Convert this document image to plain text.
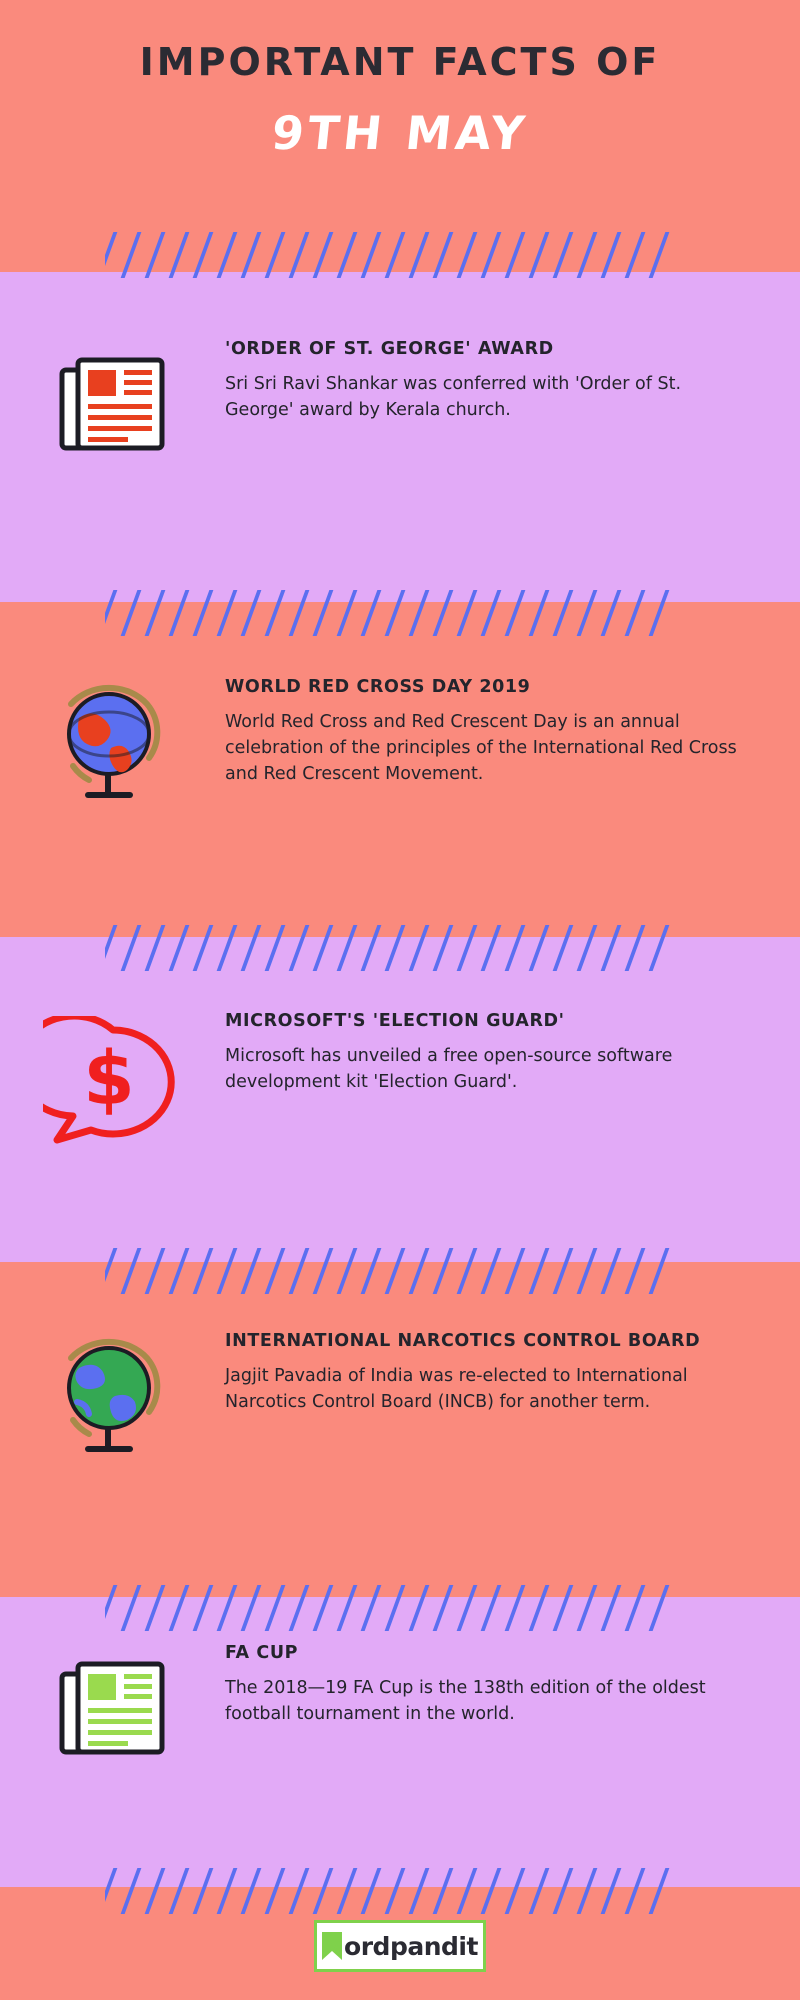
IMPORTANT FACTS OF
9TH MAY
'ORDER OF ST. GEORGE' AWARD
Sri Sri Ravi Shankar was conferred with 'Order of St. George' award by Kerala church.
WORLD RED CROSS DAY 2019
World Red Cross and Red Crescent Day is an annual celebration of the principles of the International Red Cross and Red Crescent Movement.
$
MICROSOFT'S 'ELECTION GUARD'
Microsoft has unveiled a free open-source software development kit 'Election Guard'.
INTERNATIONAL NARCOTICS CONTROL BOARD
Jagjit Pavadia of India was re-elected to International Narcotics Control Board (INCB) for another term.
FA CUP
The 2018—19 FA Cup is the 138th edition of the oldest football tournament in the world.
ordpandit
